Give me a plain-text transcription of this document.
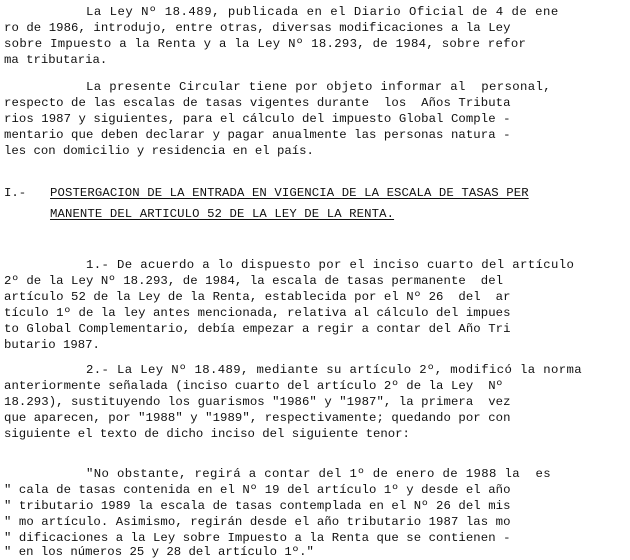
La Ley Nº 18.489, publicada en el Diario Oficial de 4 de ene
ro de 1986, introdujo, entre otras, diversas modificaciones a la Ley
sobre Impuesto a la Renta y a la Ley Nº 18.293, de 1984, sobre refor
ma tributaria.
La presente Circular tiene por objeto informar al  personal,
respecto de las escalas de tasas vigentes durante  los  Años Tributa
rios 1987 y siguientes, para el cálculo del impuesto Global Comple -
mentario que deben declarar y pagar anualmente las personas natura -
les con domicilio y residencia en el país.
I.- POSTERGACION DE LA ENTRADA EN VIGENCIA DE LA ESCALA DE TASAS PER
MANENTE DEL ARTICULO 52 DE LA LEY DE LA RENTA.
1.- De acuerdo a lo dispuesto por el inciso cuarto del artículo
2º de la Ley Nº 18.293, de 1984, la escala de tasas permanente  del
artículo 52 de la Ley de la Renta, establecida por el Nº 26  del  ar
tículo 1º de la ley antes mencionada, relativa al cálculo del impues
to Global Complementario, debía empezar a regir a contar del Año Tri
butario 1987.
2.- La Ley Nº 18.489, mediante su artículo 2º, modificó la norma
anteriormente señalada (inciso cuarto del artículo 2º de la Ley  Nº
18.293), sustituyendo los guarismos "1986" y "1987", la primera  vez
que aparecen, por "1988" y "1989", respectivamente; quedando por con
siguiente el texto de dicho inciso del siguiente tenor:
"No obstante, regirá a contar del 1º de enero de 1988 la  es
" cala de tasas contenida en el Nº 19 del artículo 1º y desde el año
" tributario 1989 la escala de tasas contemplada en el Nº 26 del mis
" mo artículo. Asimismo, regirán desde el año tributario 1987 las mo
" dificaciones a la Ley sobre Impuesto a la Renta que se contienen -
" en los números 25 y 28 del artículo 1º."
